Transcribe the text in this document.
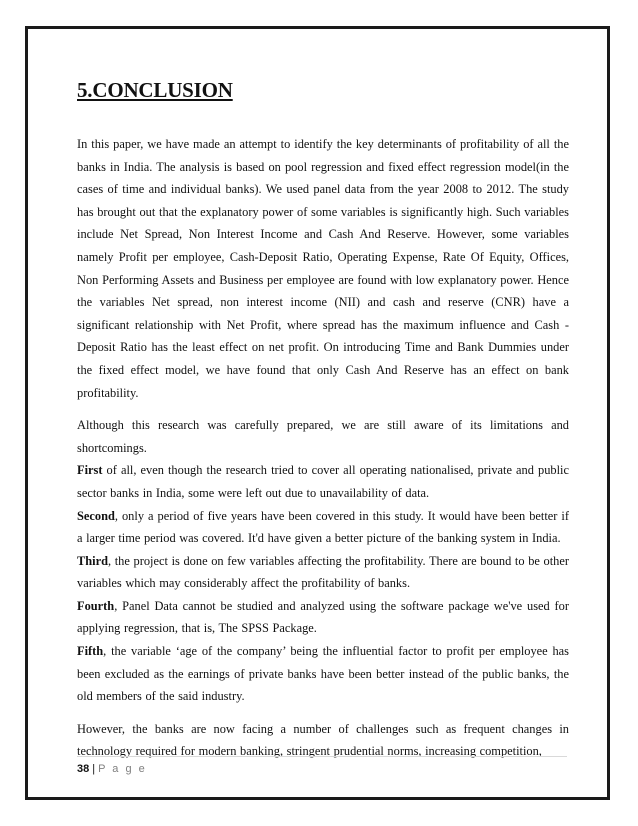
5.CONCLUSION

In this paper, we have made an attempt to identify the key determinants of profitability of all the banks in India. The analysis is based on pool regression and fixed effect regression model(in the cases of time and individual banks). We used panel data from the year 2008 to 2012. The study has brought out that the explanatory power of some variables is significantly high. Such variables include Net Spread, Non Interest Income and Cash And Reserve. However, some variables namely Profit per employee, Cash-Deposit Ratio, Operating Expense, Rate Of Equity, Offices, Non Performing Assets and Business per employee are found with low explanatory power. Hence the variables Net spread, non interest income (NII) and cash and reserve (CNR) have a significant relationship with Net Profit, where spread has the maximum influence and Cash - Deposit Ratio has the least effect on net profit. On introducing Time and Bank Dummies under the fixed effect model, we have found that only Cash And Reserve has an effect on bank profitability.

Although this research was carefully prepared, we are still aware of its limitations and shortcomings.

First of all, even though the research tried to cover all operating nationalised, private and public sector banks in India, some were left out due to unavailability of data.

Second, only a period of five years have been covered in this study. It would have been better if a larger time period was covered. It'd have given a better picture of the banking system in India.

Third, the project is done on few variables affecting the profitability. There are bound to be other variables which may considerably affect the profitability of banks.

Fourth, Panel Data cannot be studied and analyzed using the software package we've used for applying regression, that is, The SPSS Package.

Fifth, the variable ‘age of the company’ being the influential factor to profit per employee has been excluded as the earnings of private banks have been better instead of the public banks, the old members of the said industry.

However, the banks are now facing a number of challenges such as frequent changes in technology required for modern banking, stringent prudential norms, increasing competition,

38 | P a g e
